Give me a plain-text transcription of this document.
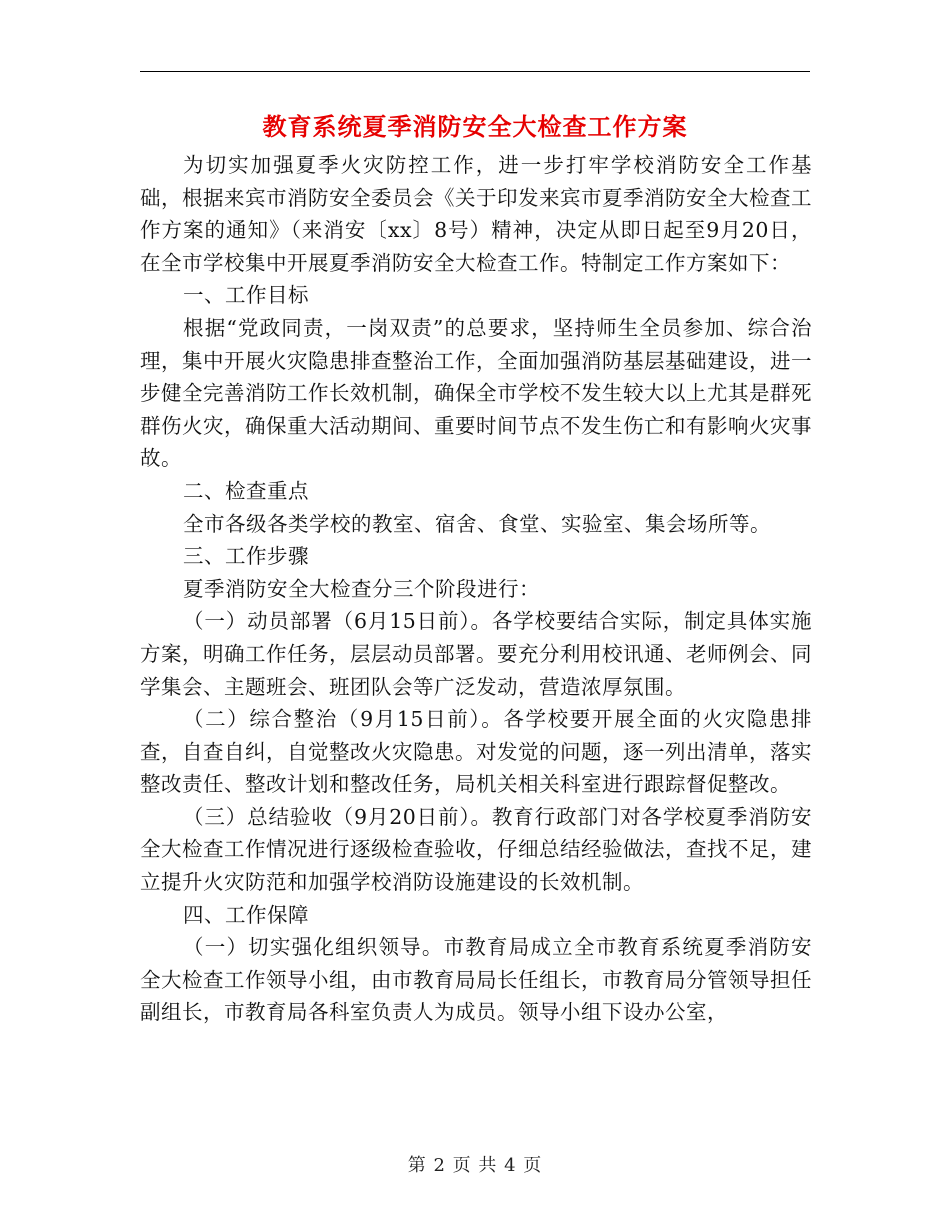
教育系统夏季消防安全大检查工作方案

为切实加强夏季火灾防控工作，进一步打牢学校消防安全工作基础，根据来宾市消防安全委员会《关于印发来宾市夏季消防安全大检查工作方案的通知》（来消安〔xx〕8号）精神，决定从即日起至9月20日，在全市学校集中开展夏季消防安全大检查工作。特制定工作方案如下：

一、工作目标

根据“党政同责，一岗双责”的总要求，坚持师生全员参加、综合治理，集中开展火灾隐患排查整治工作，全面加强消防基层基础建设，进一步健全完善消防工作长效机制，确保全市学校不发生较大以上尤其是群死群伤火灾，确保重大活动期间、重要时间节点不发生伤亡和有影响火灾事故。

二、检查重点

全市各级各类学校的教室、宿舍、食堂、实验室、集会场所等。

三、工作步骤

夏季消防安全大检查分三个阶段进行：

（一）动员部署（6月15日前）。各学校要结合实际，制定具体实施方案，明确工作任务，层层动员部署。要充分利用校讯通、老师例会、同学集会、主题班会、班团队会等广泛发动，营造浓厚氛围。

（二）综合整治（9月15日前）。各学校要开展全面的火灾隐患排查，自查自纠，自觉整改火灾隐患。对发觉的问题，逐一列出清单，落实整改责任、整改计划和整改任务，局机关相关科室进行跟踪督促整改。

（三）总结验收（9月20日前）。教育行政部门对各学校夏季消防安全大检查工作情况进行逐级检查验收，仔细总结经验做法，查找不足，建立提升火灾防范和加强学校消防设施建设的长效机制。

四、工作保障

（一）切实强化组织领导。市教育局成立全市教育系统夏季消防安全大检查工作领导小组，由市教育局局长任组长，市教育局分管领导担任副组长，市教育局各科室负责人为成员。领导小组下设办公室，

第 2 页 共 4 页
